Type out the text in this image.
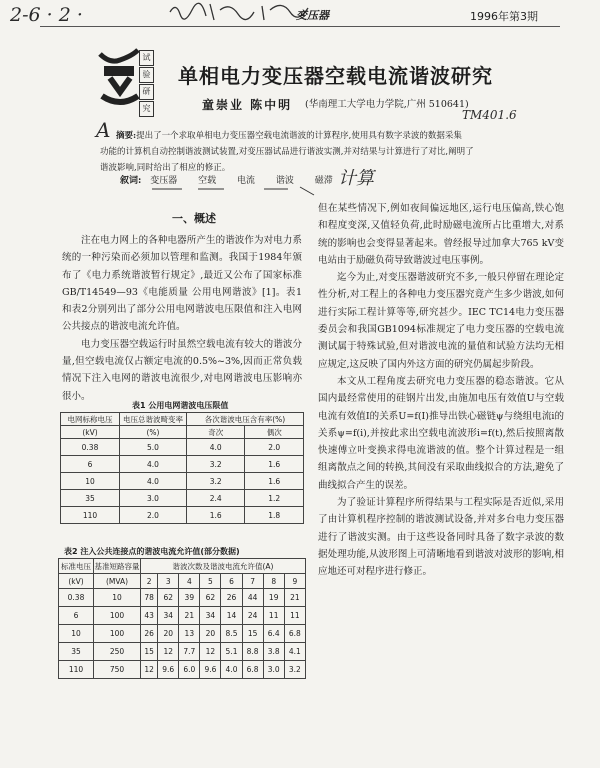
2-6 · 2 ·	变压器	1996年第3期
试
验
研
究
单相电力变压器空载电流谐波研究
童崇业 陈中明 (华南理工大学电力学院,广州 510641)
TM401.6
A 摘要:提出了一个求取单相电力变压器空载电流谐波的计算程序,使用具有数字录波的数据采集
功能的计算机自动控制谐波测试装置,对变压器试品进行谐波实测,并对结果与计算进行了对比,阐明了
谐波影响,同时给出了相应的修正。
叙词: 变压器 空载 电流 谐波 磁滞 计算
一、概述

注在电力网上的各种电器所产生的谐波作为对电力系统的一种污染而必须加以管理和监测。我国于1984年颁布了《电力系统谐波暂行规定》,最近又公布了国家标准 GB/T14549—93《电能质量 公用电网谐波》[1]。表1和表2分别列出了部分公用电网谐波电压限值和注入电网公共接点的谐波电流允许值。

电力变压器空载运行时虽然空载电流有较大的谐波分量,但空载电流仅占额定电流的0.5%~3%,因而正常负载情况下注入电网的谐波电流很少,对电网谐波电压影响亦很小。

表1 公用电网谐波电压限值
电网标称电压	电压总谐波畸变率	各次谐波电压含有率(%)	
(kV)	(%)	奇次	偶次
0.38	5.0	4.0	2.0
6	4.0	3.2	1.6
10	4.0	3.2	1.6
35	3.0	2.4	1.2
110	2.0	1.6	1.8
表2 注入公共连接点的谐波电流允许值(部分数据)
标准电压	基准短路容量	谐波次数及谐波电流允许值(A)							
(kV)	(MVA)	2	3	4	5	6	7	8	9
0.38	10	78	62	39	62	26	44	19	21
6	100	43	34	21	34	14	24	11	11
10	100	26	20	13	20	8.5	15	6.4	6.8
35	250	15	12	7.7	12	5.1	8.8	3.8	4.1
110	750	12	9.6	6.0	9.6	4.0	6.8	3.0	3.2

但在某些情况下,例如夜间偏远地区,运行电压偏高,铁心饱和程度变深,又值轻负荷,此时励磁电流所占比重增大,对系统的影响也会变得显著起来。曾经报导过加拿大765 kV变电站由于励磁负荷导致谐波过电压事例。

迄今为止,对变压器谐波研究不多,一般只停留在理论定性分析,对工程上的各种电力变压器究竟产生多少谐波,如何进行实际工程计算等等,研究甚少。IEC TC14电力变压器委员会和我国GB1094标准规定了电力变压器的空载电流测试属于特殊试验,但对谐波电流的量值和试验方法均无相应规定,这反映了国内外这方面的研究仍属起步阶段。

本文从工程角度去研究电力变压器的稳态谐波。它从国内最经常使用的硅钢片出发,由施加电压有效值U与空载电流有效值I的关系U=f(I)推导出铁心磁链ψ与绕组电流i的关系ψ=f(i),并按此求出空载电流波形i=f(t),然后按照离散快速傅立叶变换求得电流谐波的值。整个计算过程是一组组离散点之间的转换,其间没有采取曲线拟合的方法,避免了曲线拟合产生的误差。

为了验证计算程序所得结果与工程实际是否近似,采用了由计算机程序控制的谐波测试设备,并对多台电力变压器进行了谐波实测。由于这些设备同时具备了数字录波的数据处理功能,从波形图上可清晰地看到谐波对波形的影响,相应地还可对程序进行修正。
